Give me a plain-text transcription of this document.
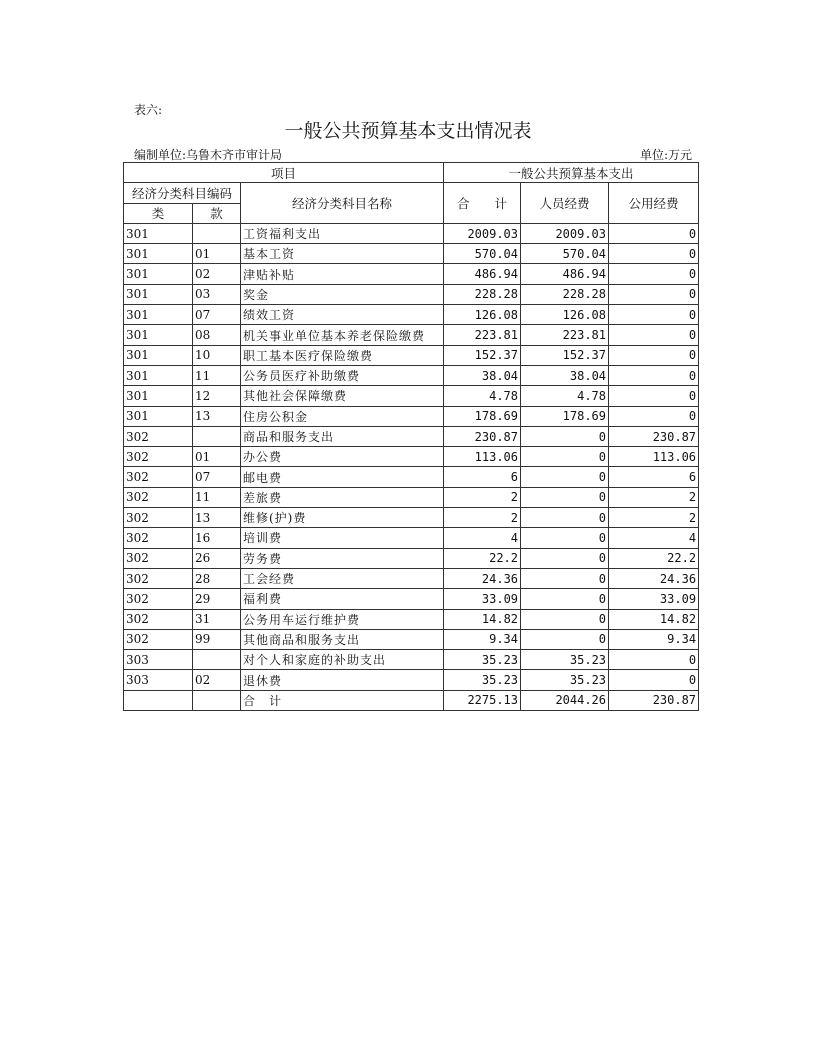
表六:
一般公共预算基本支出情况表
编制单位:乌鲁木齐市审计局	单位:万元
项目			一般公共预算基本支出		
经济分类科目编码		经济分类科目名称	合　　计	人员经费	公用经费
类	款				
301		工资福利支出	2009.03	2009.03	0
301	01	基本工资	570.04	570.04	0
301	02	津贴补贴	486.94	486.94	0
301	03	奖金	228.28	228.28	0
301	07	绩效工资	126.08	126.08	0
301	08	机关事业单位基本养老保险缴费	223.81	223.81	0
301	10	职工基本医疗保险缴费	152.37	152.37	0
301	11	公务员医疗补助缴费	38.04	38.04	0
301	12	其他社会保障缴费	4.78	4.78	0
301	13	住房公积金	178.69	178.69	0
302		商品和服务支出	230.87	0	230.87
302	01	办公费	113.06	0	113.06
302	07	邮电费	6	0	6
302	11	差旅费	2	0	2
302	13	维修(护)费	2	0	2
302	16	培训费	4	0	4
302	26	劳务费	22.2	0	22.2
302	28	工会经费	24.36	0	24.36
302	29	福利费	33.09	0	33.09
302	31	公务用车运行维护费	14.82	0	14.82
302	99	其他商品和服务支出	9.34	0	9.34
303		对个人和家庭的补助支出	35.23	35.23	0
303	02	退休费	35.23	35.23	0
		合　计	2275.13	2044.26	230.87
